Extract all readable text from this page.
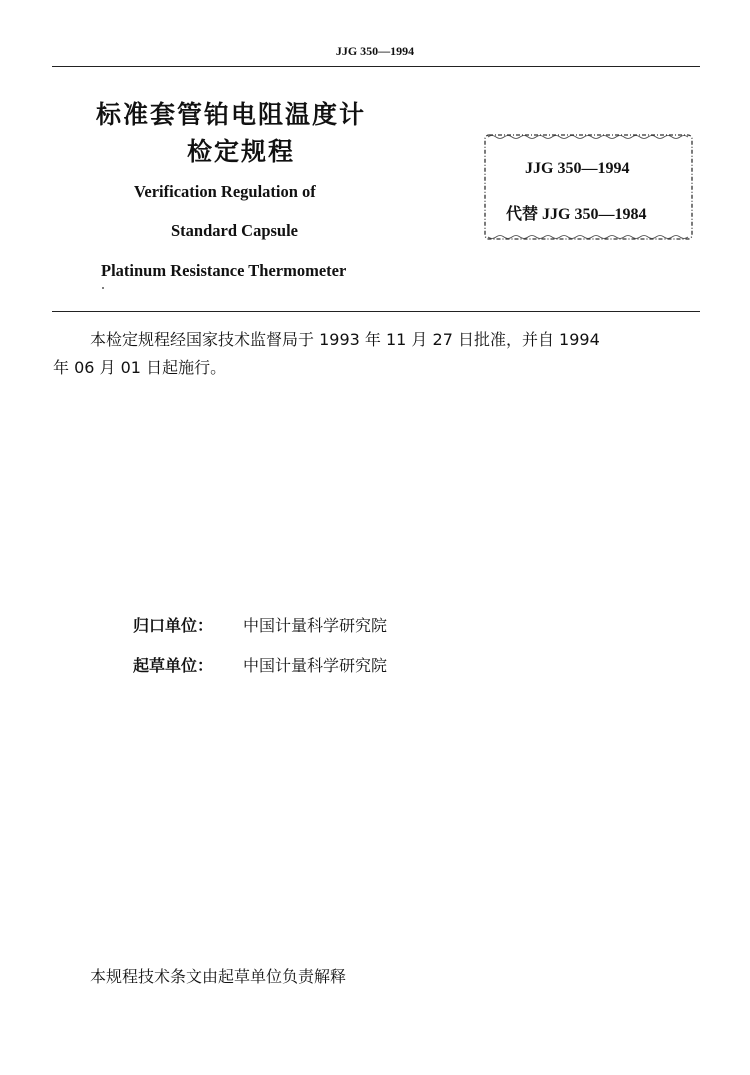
JJG 350—1994
标准套管铂电阻温度计
检定规程
Verification Regulation of
Standard Capsule
Platinum Resistance Thermometer
JJG 350—1994
代替 JJG 350—1984
本检定规程经国家技术监督局于 1993 年 11 月 27 日批准，并自 1994
年 06 月 01 日起施行。
归口单位： 中国计量科学研究院
起草单位： 中国计量科学研究院
本规程技术条文由起草单位负责解释
